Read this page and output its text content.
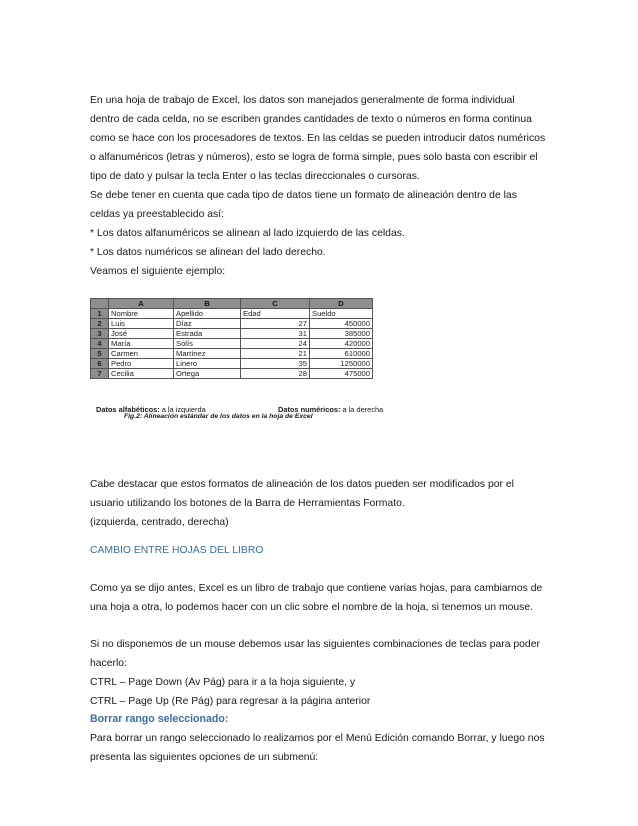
En una hoja de trabajo de Excel, los datos son manejados generalmente de forma individual
dentro de cada celda, no se escriben grandes cantidades de texto o números en forma continua
como se hace con los procesadores de textos. En las celdas se pueden introducir datos numéricos
o alfanuméricos (letras y números), esto se logra de forma simple, pues solo basta con escribir el
tipo de dato y pulsar la tecla Enter o las teclas direccionales o cursoras.

Se debe tener en cuenta que cada tipo de datos tiene un formato de alineación dentro de las
celdas ya preestablecido así:
* Los datos alfanuméricos se alinean al lado izquierdo de las celdas.
* Los datos numéricos se alinean del lado derecho.

Veamos el siguiente ejemplo:

	A	B	C	D
1	Nombre	Apellido	Edad	Sueldo
2	Luis	Díaz	27	450000
3	José	Estrada	31	385000
4	María	Solís	24	420000
5	Carmen	Martínez	21	610000
6	Pedro	Linero	35	1250000
7	Cecilia	Ortega	28	475000
Datos alfabéticos: a la izquierda	Datos numéricos: a la derecha
Fig.2: Alineación estándar de los datos en la hoja de Excel

Cabe destacar que estos formatos de alineación de los datos pueden ser modificados por el
usuario utilizando los botones de la Barra de Herramientas Formato.
(izquierda, centrado, derecha)

CAMBIO ENTRE HOJAS DEL LIBRO

Como ya se dijo antes, Excel es un libro de trabajo que contiene varias hojas, para cambiarnos de
una hoja a otra, lo podemos hacer con un clic sobre el nombre de la hoja, si tenemos un mouse.

Si no disponemos de un mouse debemos usar las siguientes combinaciones de teclas para poder
hacerlo:
CTRL – Page Down (Av Pág) para ir a la hoja siguiente, y
CTRL – Page Up (Re Pág) para regresar a la página anterior

Borrar rango seleccionado:

Para borrar un rango seleccionado lo realizamos por el Menú Edición comando Borrar, y luego nos
presenta las siguientes opciones de un submenú:
